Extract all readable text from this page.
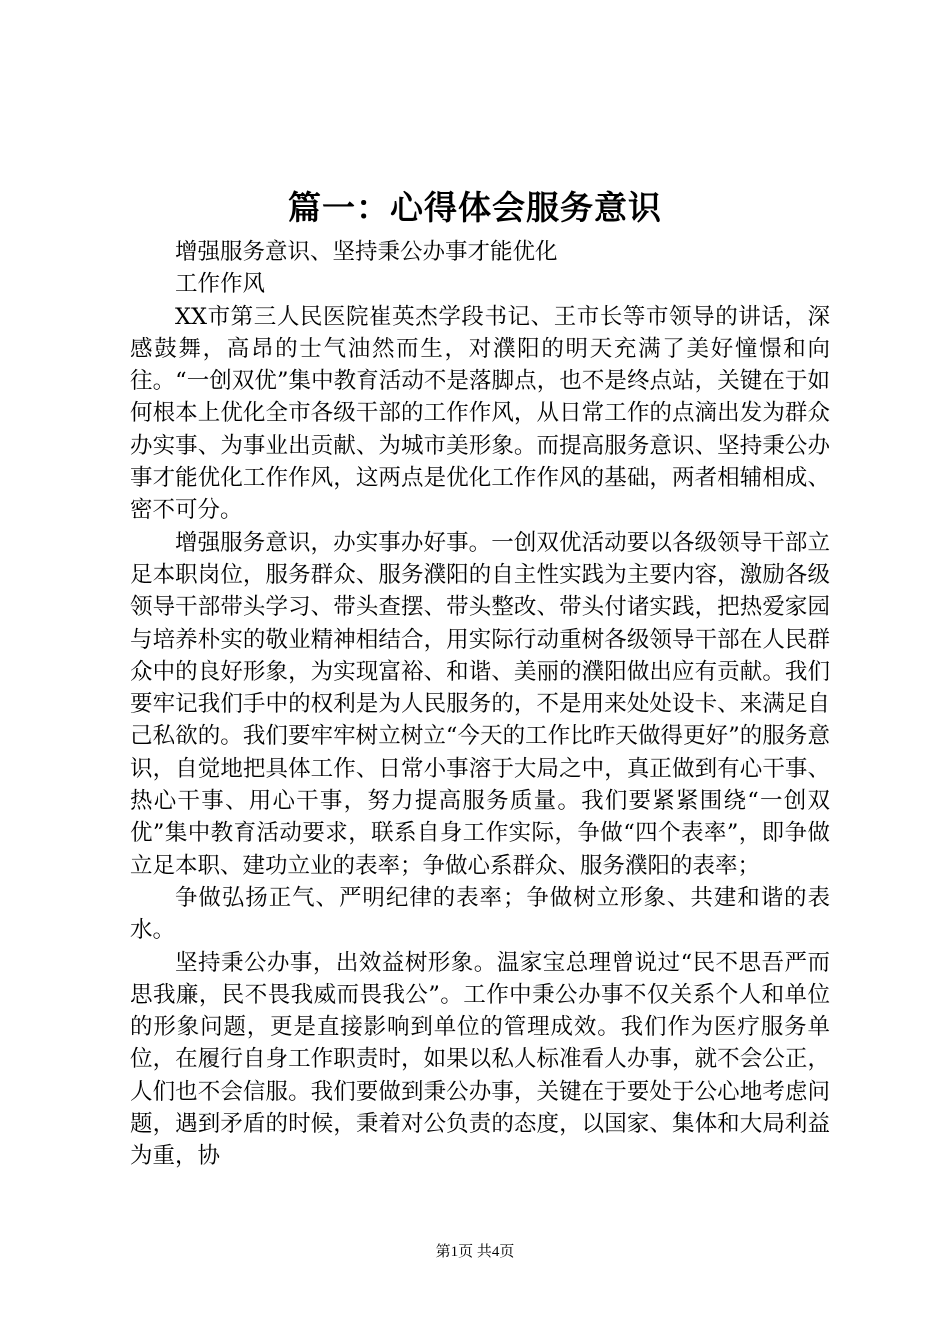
篇一：心得体会服务意识

增强服务意识、坚持秉公办事才能优化

工作作风

XX市第三人民医院崔英杰学段书记、王市长等市领导的讲话，深感鼓舞，高昂的士气油然而生，对濮阳的明天充满了美好憧憬和向往。“一创双优”集中教育活动不是落脚点，也不是终点站，关键在于如何根本上优化全市各级干部的工作作风，从日常工作的点滴出发为群众办实事、为事业出贡献、为城市美形象。而提高服务意识、坚持秉公办事才能优化工作作风，这两点是优化工作作风的基础，两者相辅相成、密不可分。

增强服务意识，办实事办好事。一创双优活动要以各级领导干部立足本职岗位，服务群众、服务濮阳的自主性实践为主要内容，激励各级领导干部带头学习、带头查摆、带头整改、带头付诸实践，把热爱家园与培养朴实的敬业精神相结合，用实际行动重树各级领导干部在人民群众中的良好形象，为实现富裕、和谐、美丽的濮阳做出应有贡献。我们要牢记我们手中的权利是为人民服务的，不是用来处处设卡、来满足自己私欲的。我们要牢牢树立树立“今天的工作比昨天做得更好”的服务意识，自觉地把具体工作、日常小事溶于大局之中，真正做到有心干事、热心干事、用心干事，努力提高服务质量。我们要紧紧围绕“一创双优”集中教育活动要求，联系自身工作实际，争做“四个表率”，即争做立足本职、建功立业的表率；争做心系群众、服务濮阳的表率；

争做弘扬正气、严明纪律的表率；争做树立形象、共建和谐的表水。

坚持秉公办事，出效益树形象。温家宝总理曾说过“民不思吾严而思我廉，民不畏我威而畏我公”。工作中秉公办事不仅关系个人和单位的形象问题，更是直接影响到单位的管理成效。我们作为医疗服务单位，在履行自身工作职责时，如果以私人标准看人办事，就不会公正，人们也不会信服。我们要做到秉公办事，关键在于要处于公心地考虑问题，遇到矛盾的时候，秉着对公负责的态度，以国家、集体和大局利益为重，协

第1页 共4页
